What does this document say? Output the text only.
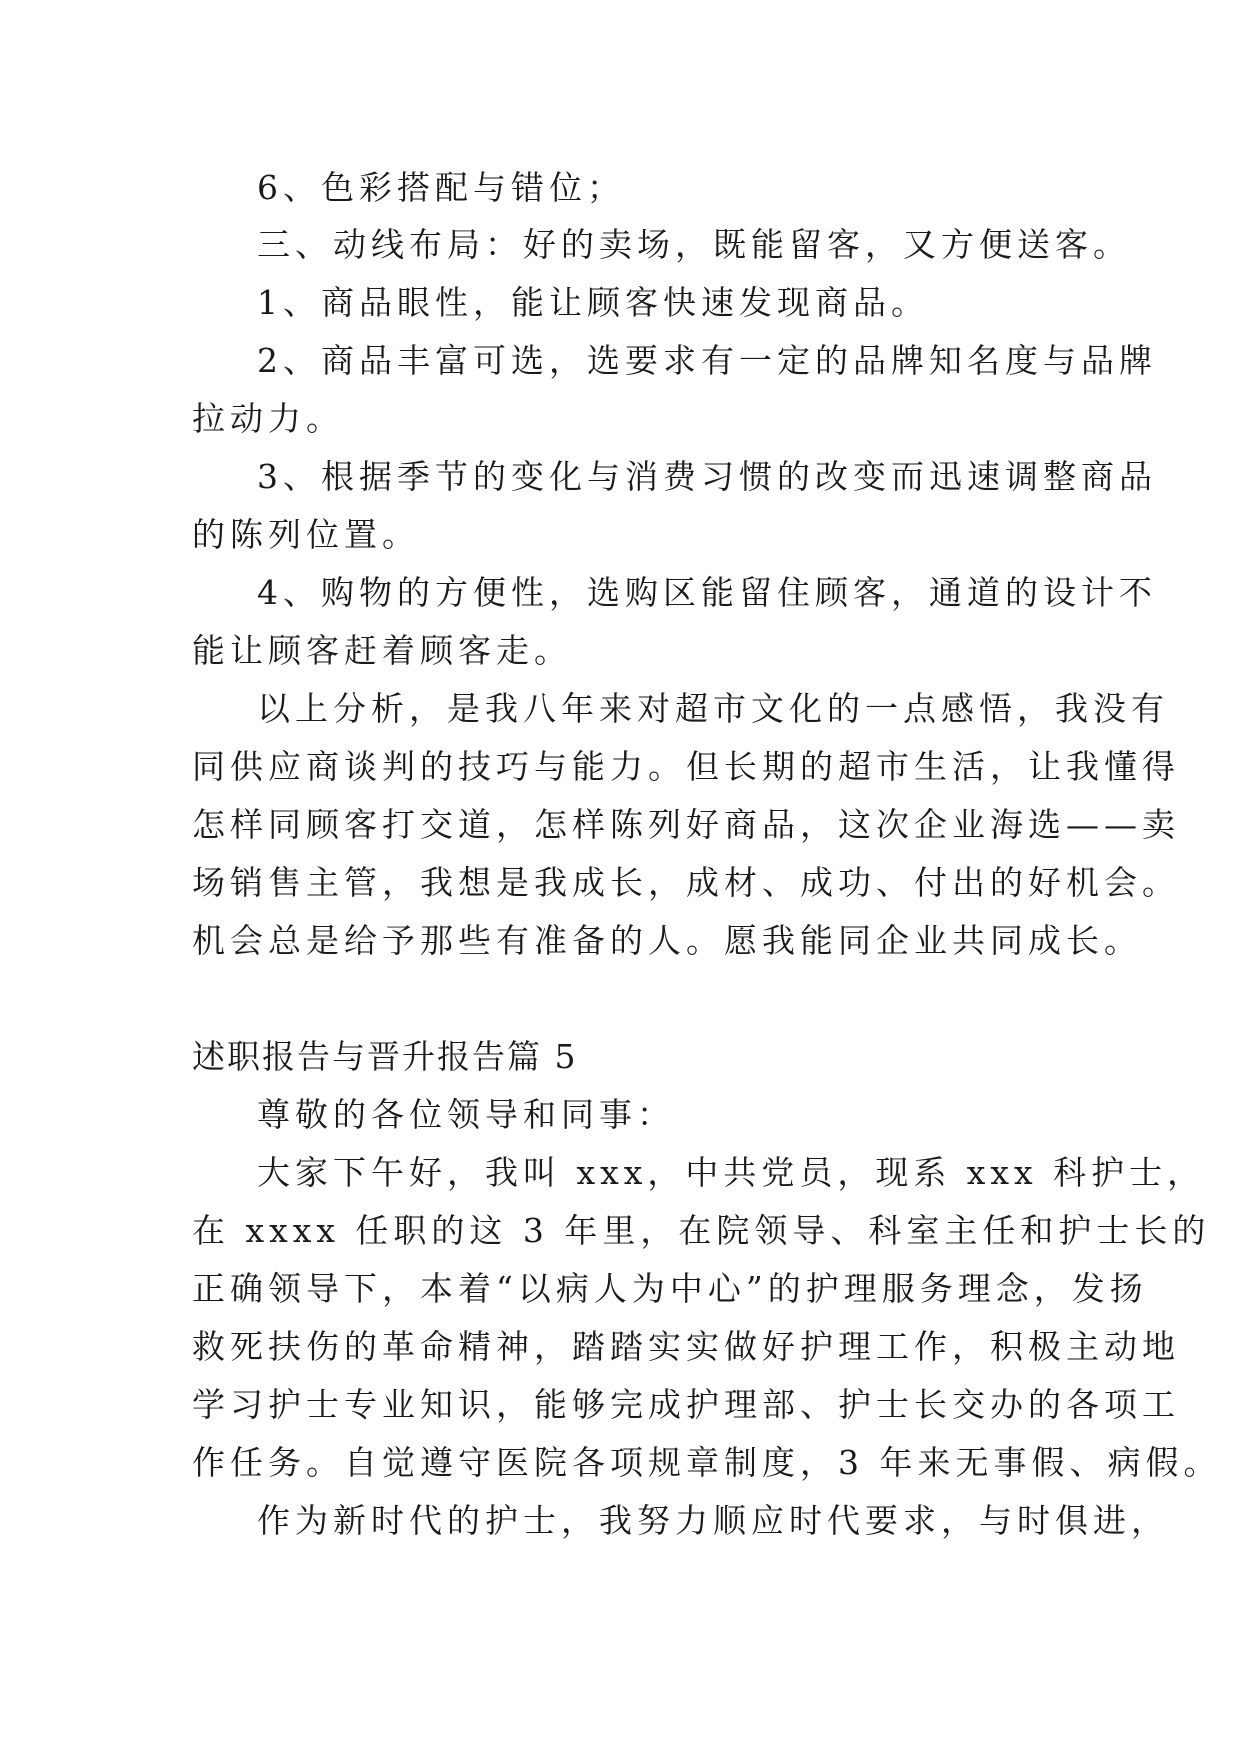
6、色彩搭配与错位；
三、动线布局：好的卖场，既能留客，又方便送客。
1、商品眼性，能让顾客快速发现商品。
2、商品丰富可选，选要求有一定的品牌知名度与品牌
拉动力。
3、根据季节的变化与消费习惯的改变而迅速调整商品
的陈列位置。
4、购物的方便性，选购区能留住顾客，通道的设计不
能让顾客赶着顾客走。
以上分析，是我八年来对超市文化的一点感悟，我没有
同供应商谈判的技巧与能力。但长期的超市生活，让我懂得
怎样同顾客打交道，怎样陈列好商品，这次企业海选——卖
场销售主管，我想是我成长，成材、成功、付出的好机会。
机会总是给予那些有准备的人。愿我能同企业共同成长。
述职报告与晋升报告篇 5
尊敬的各位领导和同事：
大家下午好，我叫 xxx，中共党员，现系 xxx 科护士，
在 xxxx 任职的这 3 年里，在院领导、科室主任和护士长的
正确领导下，本着“以病人为中心”的护理服务理念，发扬
救死扶伤的革命精神，踏踏实实做好护理工作，积极主动地
学习护士专业知识，能够完成护理部、护士长交办的各项工
作任务。自觉遵守医院各项规章制度，3 年来无事假、病假。
作为新时代的护士，我努力顺应时代要求，与时俱进，
